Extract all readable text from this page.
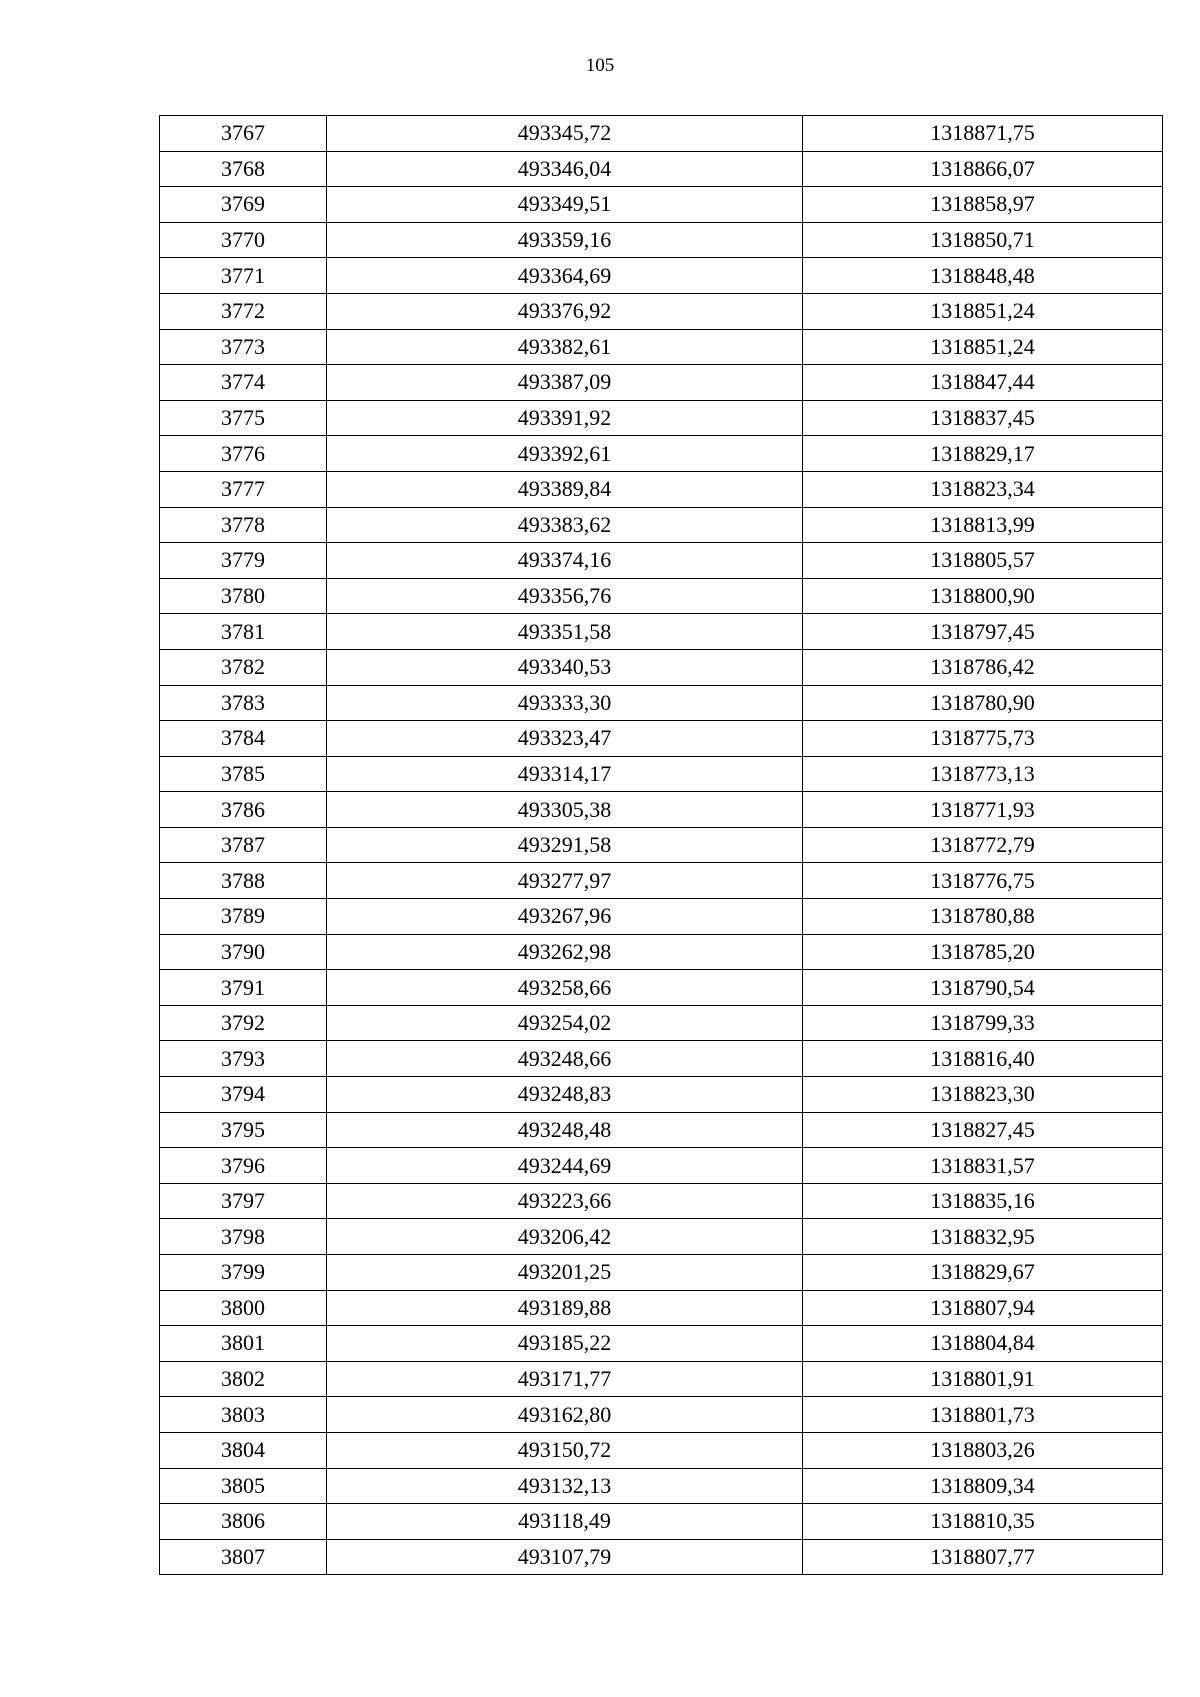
105
3767	493345,72	1318871,75
3768	493346,04	1318866,07
3769	493349,51	1318858,97
3770	493359,16	1318850,71
3771	493364,69	1318848,48
3772	493376,92	1318851,24
3773	493382,61	1318851,24
3774	493387,09	1318847,44
3775	493391,92	1318837,45
3776	493392,61	1318829,17
3777	493389,84	1318823,34
3778	493383,62	1318813,99
3779	493374,16	1318805,57
3780	493356,76	1318800,90
3781	493351,58	1318797,45
3782	493340,53	1318786,42
3783	493333,30	1318780,90
3784	493323,47	1318775,73
3785	493314,17	1318773,13
3786	493305,38	1318771,93
3787	493291,58	1318772,79
3788	493277,97	1318776,75
3789	493267,96	1318780,88
3790	493262,98	1318785,20
3791	493258,66	1318790,54
3792	493254,02	1318799,33
3793	493248,66	1318816,40
3794	493248,83	1318823,30
3795	493248,48	1318827,45
3796	493244,69	1318831,57
3797	493223,66	1318835,16
3798	493206,42	1318832,95
3799	493201,25	1318829,67
3800	493189,88	1318807,94
3801	493185,22	1318804,84
3802	493171,77	1318801,91
3803	493162,80	1318801,73
3804	493150,72	1318803,26
3805	493132,13	1318809,34
3806	493118,49	1318810,35
3807	493107,79	1318807,77
